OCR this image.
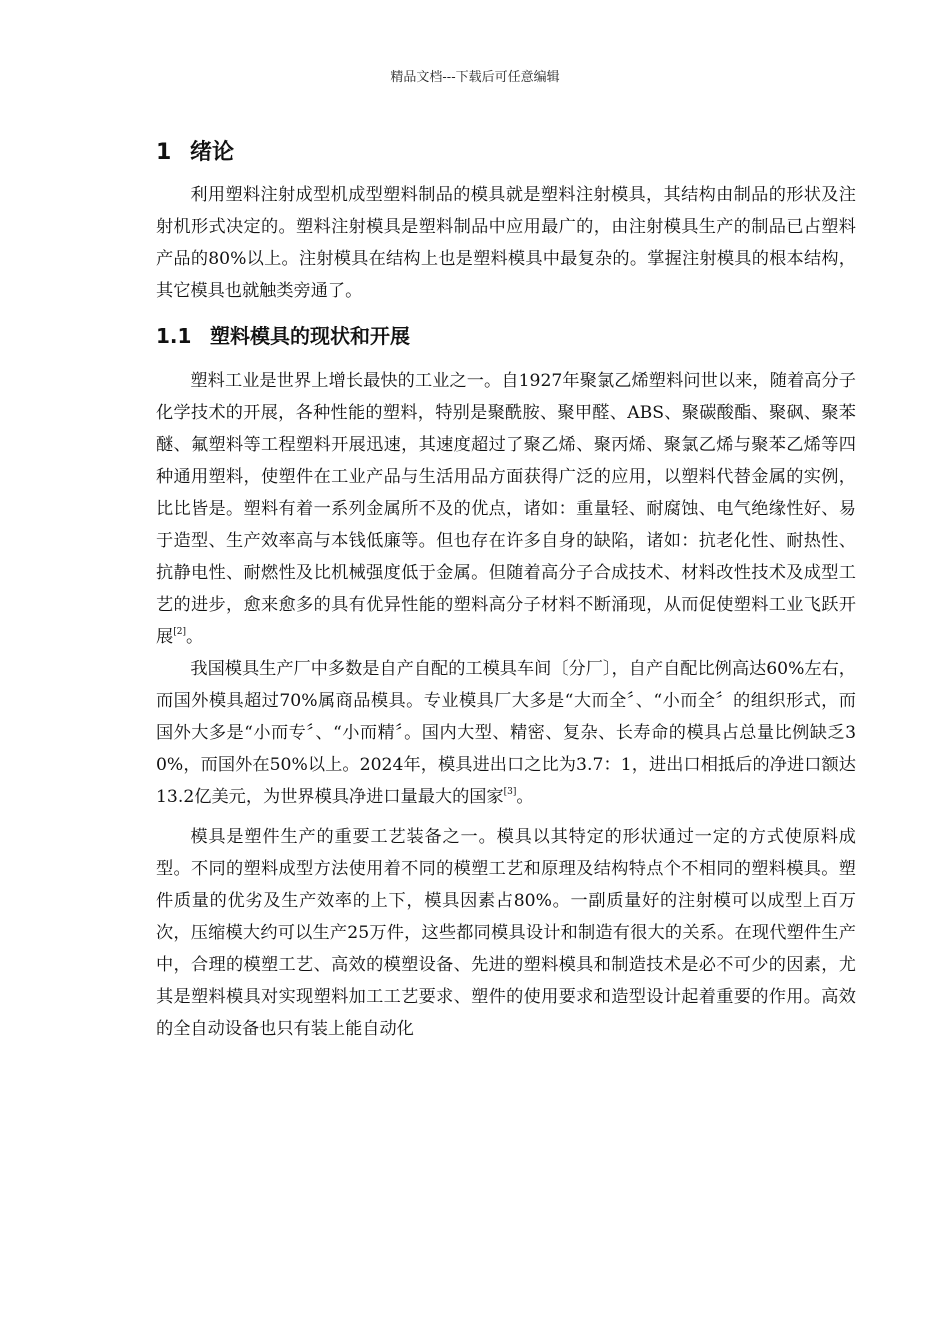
精品文档---下载后可任意编辑
1 绪论

利用塑料注射成型机成型塑料制品的模具就是塑料注射模具，其结构由制品的形状及注射机形式决定的。塑料注射模具是塑料制品中应用最广的，由注射模具生产的制品已占塑料产品的80%以上。注射模具在结构上也是塑料模具中最复杂的。掌握注射模具的根本结构，其它模具也就触类旁通了。

1.1 塑料模具的现状和开展

塑料工业是世界上增长最快的工业之一。自1927年聚氯乙烯塑料问世以来，随着高分子化学技术的开展，各种性能的塑料，特别是聚酰胺、聚甲醛、ABS、聚碳酸酯、聚砜、聚苯醚、氟塑料等工程塑料开展迅速，其速度超过了聚乙烯、聚丙烯、聚氯乙烯与聚苯乙烯等四种通用塑料，使塑件在工业产品与生活用品方面获得广泛的应用，以塑料代替金属的实例，比比皆是。塑料有着一系列金属所不及的优点，诸如：重量轻、耐腐蚀、电气绝缘性好、易于造型、生产效率高与本钱低廉等。但也存在许多自身的缺陷，诸如：抗老化性、耐热性、抗静电性、耐燃性及比机械强度低于金属。但随着高分子合成技术、材料改性技术及成型工艺的进步，愈来愈多的具有优异性能的塑料高分子材料不断涌现，从而促使塑料工业飞跃开展[2]。

我国模具生产厂中多数是自产自配的工模具车间〔分厂〕，自产自配比例高达60%左右，而国外模具超过70%属商品模具。专业模具厂大多是“大而全〞、“小而全〞的组织形式，而国外大多是“小而专〞、“小而精〞。国内大型、精密、复杂、长寿命的模具占总量比例缺乏30%，而国外在50%以上。2024年，模具进出口之比为3.7：1，进出口相抵后的净进口额达13.2亿美元，为世界模具净进口量最大的国家[3]。

模具是塑件生产的重要工艺装备之一。模具以其特定的形状通过一定的方式使原料成型。不同的塑料成型方法使用着不同的模塑工艺和原理及结构特点个不相同的塑料模具。塑件质量的优劣及生产效率的上下，模具因素占80%。一副质量好的注射模可以成型上百万次，压缩模大约可以生产25万件，这些都同模具设计和制造有很大的关系。在现代塑件生产中，合理的模塑工艺、高效的模塑设备、先进的塑料模具和制造技术是必不可少的因素，尤其是塑料模具对实现塑料加工工艺要求、塑件的使用要求和造型设计起着重要的作用。高效的全自动设备也只有装上能自动化
